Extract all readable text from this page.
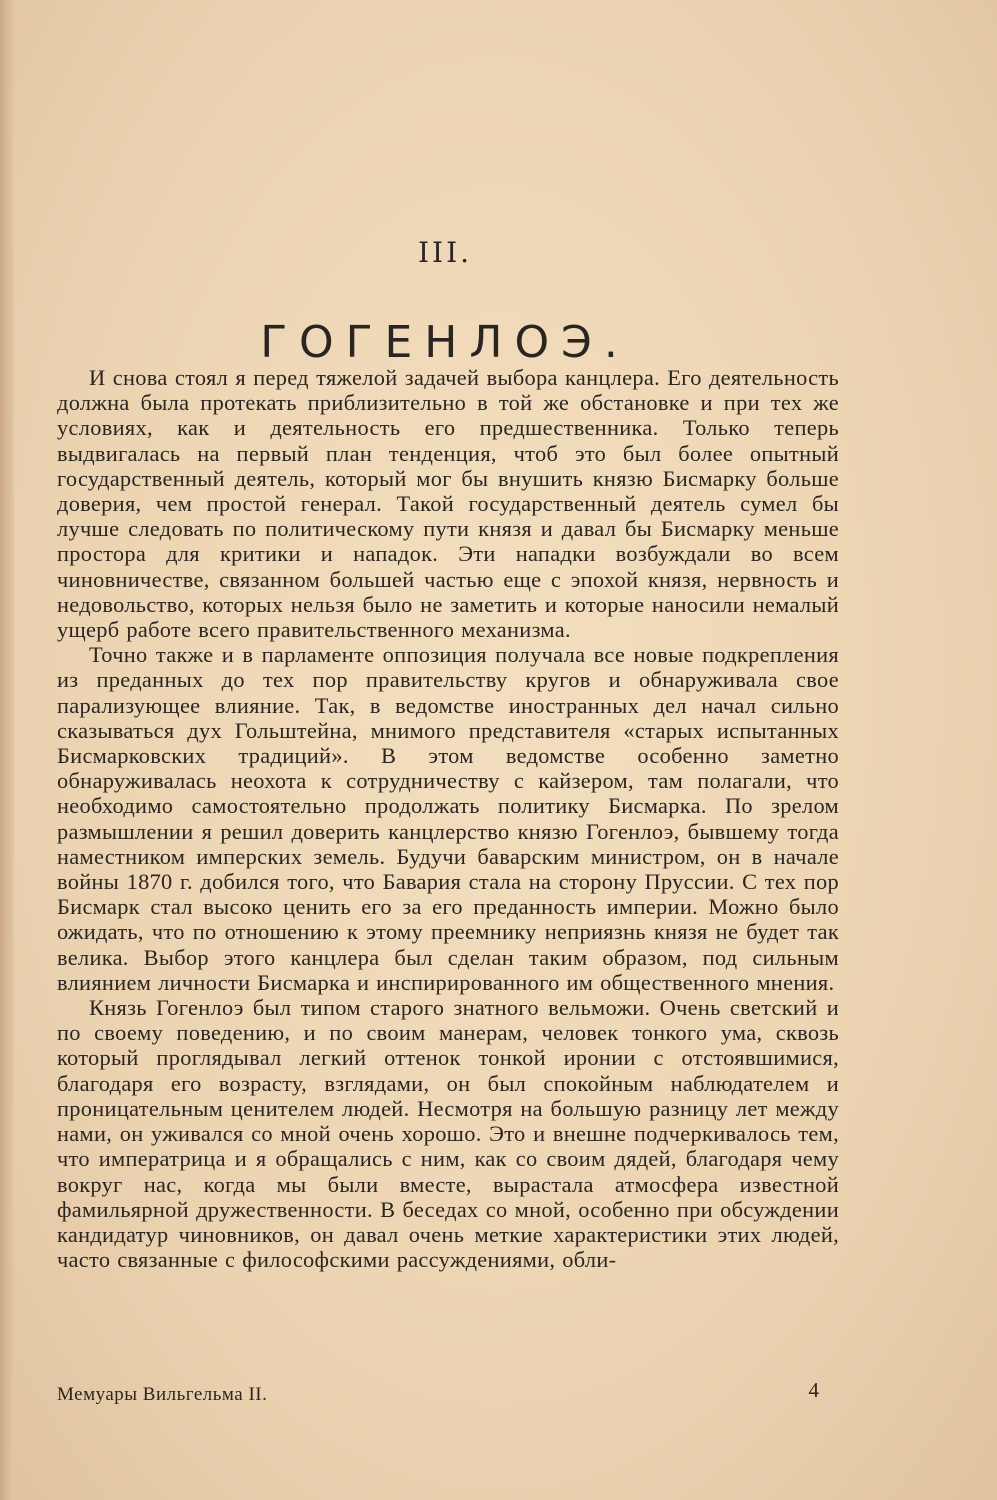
III.
ГОГЕНЛОЭ.

И снова стоял я перед тяжелой задачей выбора канцлера. Его деятельность должна была протекать приблизительно в той же обстановке и при тех же условиях, как и деятельность его предшественника. Только теперь выдвигалась на первый план тенденция, чтоб это был более опытный государственный деятель, который мог бы внушить князю Бисмарку больше доверия, чем простой генерал. Такой государственный деятель сумел бы лучше следовать по политическому пути князя и давал бы Бисмарку меньше простора для критики и нападок. Эти нападки возбуждали во всем чиновничестве, связанном большей частью еще с эпохой князя, нервность и недовольство, которых нельзя было не заметить и которые наносили немалый ущерб работе всего правительственного механизма.

Точно также и в парламенте оппозиция получала все новые подкрепления из преданных до тех пор правительству кругов и обнаруживала свое парализующее влияние. Так, в ведомстве иностранных дел начал сильно сказываться дух Гольштейна, мнимого представителя «старых испытанных Бисмарковских традиций». В этом ведомстве особенно заметно обнаруживалась неохота к сотрудничеству с кайзером, там полагали, что необходимо самостоятельно продолжать политику Бисмарка. По зрелом размышлении я решил доверить канцлерство князю Гогенлоэ, бывшему тогда наместником имперских земель. Будучи баварским министром, он в начале войны 1870 г. добился того, что Бавария стала на сторону Пруссии. С тех пор Бисмарк стал высоко ценить его за его преданность империи. Можно было ожидать, что по отношению к этому преемнику неприязнь князя не будет так велика. Выбор этого канцлера был сделан таким образом, под сильным влиянием личности Бисмарка и инспирированного им общественного мнения.

Князь Гогенлоэ был типом старого знатного вельможи. Очень светский и по своему поведению, и по своим манерам, человек тонкого ума, сквозь который проглядывал легкий оттенок тонкой иронии с отстоявшимися, благодаря его возрасту, взглядами, он был спокойным наблюдателем и проницательным ценителем людей. Несмотря на большую разницу лет между нами, он уживался со мной очень хорошо. Это и внешне подчеркивалось тем, что императрица и я обращались с ним, как со своим дядей, благодаря чему вокруг нас, когда мы были вместе, вырастала атмосфера известной фамильярной дружественности. В беседах со мной, особенно при обсуждении кандидатур чиновников, он давал очень меткие характеристики этих людей, часто связанные с философскими рассуждениями, обли-

Мемуары Вильгельма II.	4
